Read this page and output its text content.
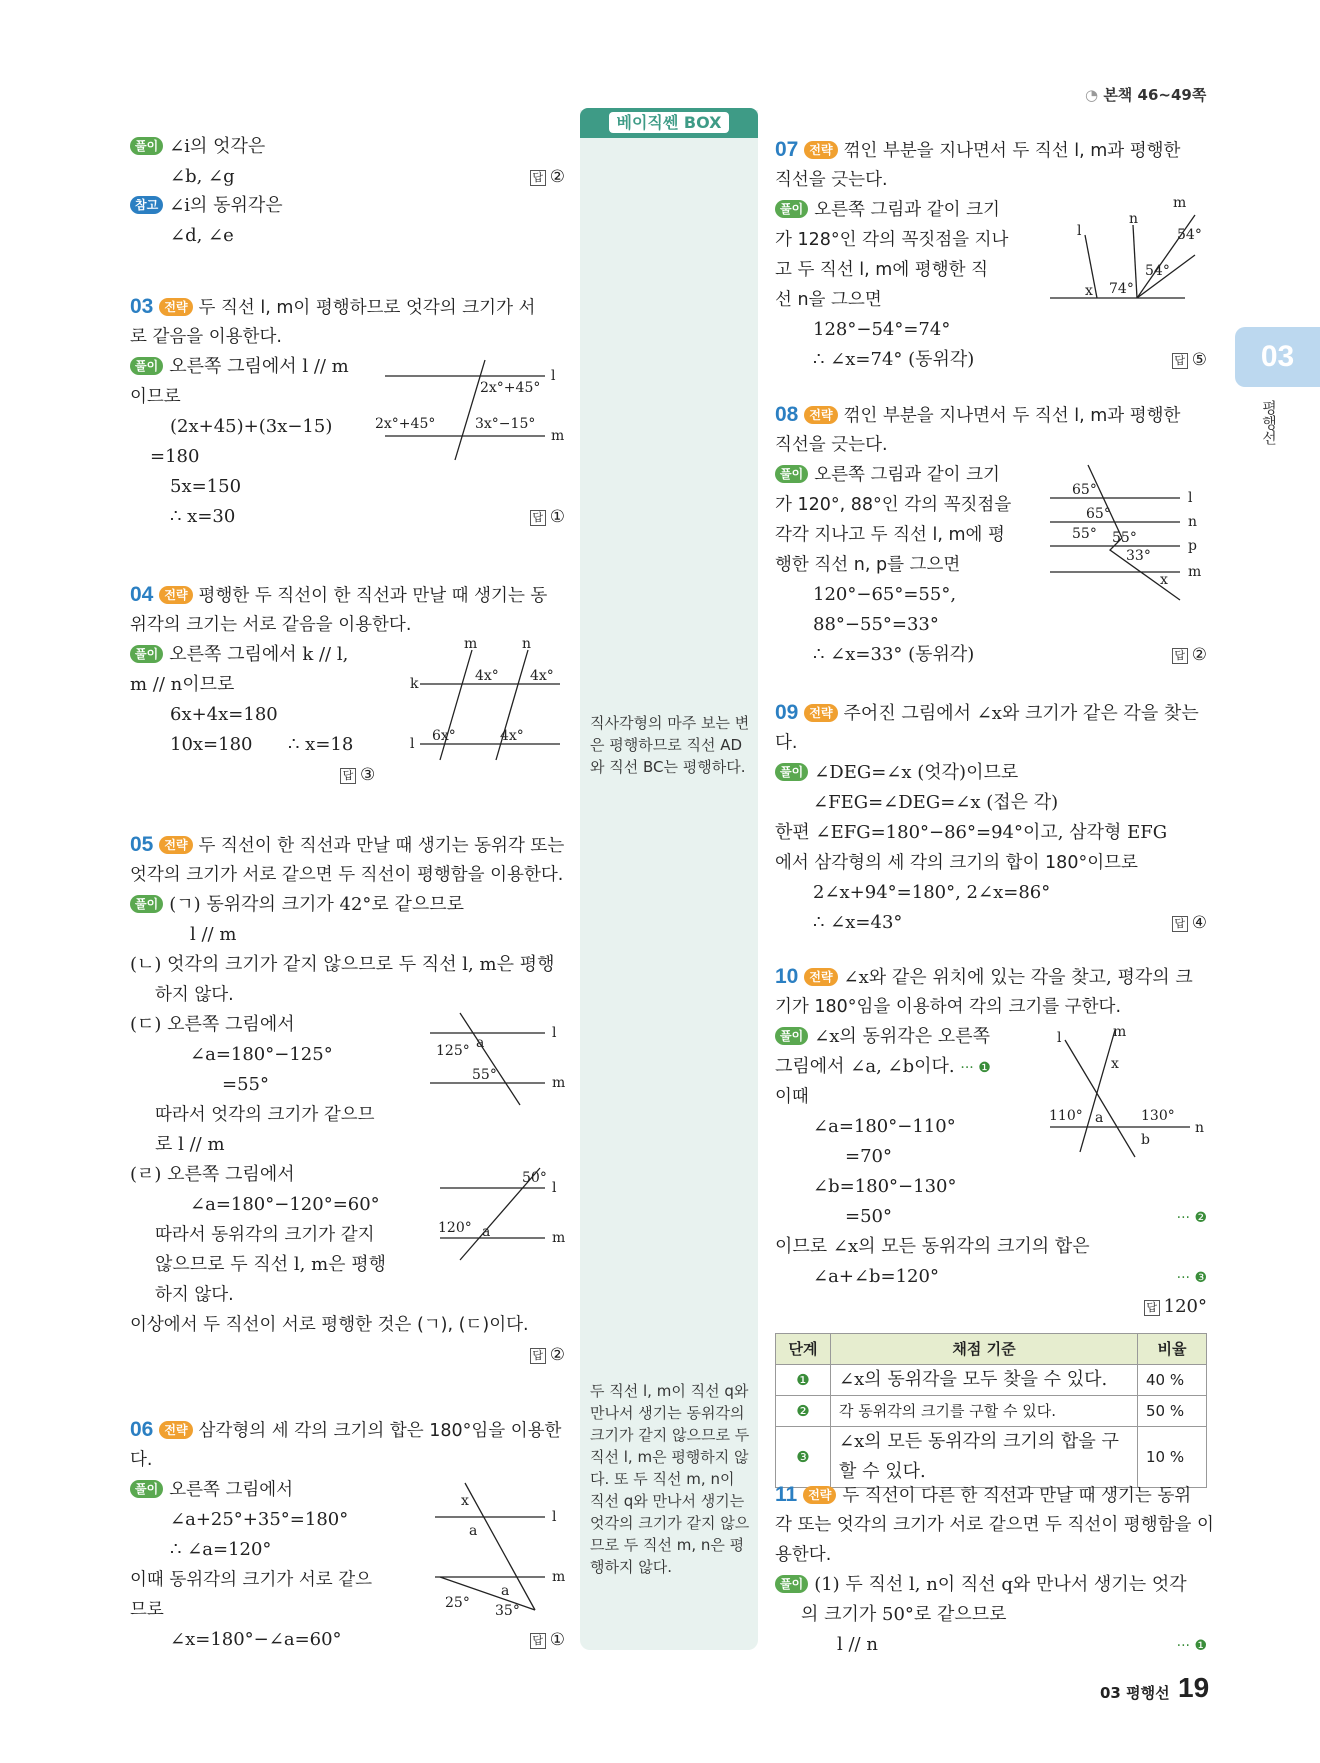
◔ 본책 46~49쪽
03
평행선
베이직쎈 BOX
직사각형의 마주 보는 변은 평행하므로 직선 AD와 직선 BC는 평행하다.
두 직선 l, m이 직선 q와 만나서 생기는 동위각의 크기가 같지 않으므로 두 직선 l, m은 평행하지 않다. 또 두 직선 m, n이 직선 q와 만나서 생기는 엇각의 크기가 같지 않으므로 두 직선 m, n은 평행하지 않다.
풀이 ∠i의 엇각은
∠b, ∠g	답 ②
참고 ∠i의 동위각은
∠d, ∠e
03 전략 두 직선 l, m이 평행하므로 엇각의 크기가 서
로 같음을 이용한다.
풀이 오른쪽 그림에서 l // m
이므로
(2x+45)+(3x−15)
=180
5x=150
∴ x=30	답 ①
l
m
2x°+45°
2x°+45°	3x°−15°
04 전략 평행한 두 직선이 한 직선과 만날 때 생기는 동
위각의 크기는 서로 같음을 이용한다.
풀이 오른쪽 그림에서 k // l,
m // n이므로
6x+4x=180
10x=180 ∴ x=18
답 ③
m	n
k
l
4x° 4x°
6x°	4x°
05 전략 두 직선이 한 직선과 만날 때 생기는 동위각 또는
엇각의 크기가 서로 같으면 두 직선이 평행함을 이용한다.
풀이 (ㄱ) 동위각의 크기가 42°로 같으므로
l // m
(ㄴ) 엇각의 크기가 같지 않으므로 두 직선 l, m은 평행
하지 않다.
(ㄷ) 오른쪽 그림에서
∠a=180°−125°
=55°
따라서 엇각의 크기가 같으므
로 l // m
(ㄹ) 오른쪽 그림에서
∠a=180°−120°=60°
따라서 동위각의 크기가 같지
않으므로 두 직선 l, m은 평행
하지 않다.
이상에서 두 직선이 서로 평행한 것은 (ㄱ), (ㄷ)이다.
답 ②
l
m
a
125°
55°
l
m
50°
120° a
06 전략 삼각형의 세 각의 크기의 합은 180°임을 이용한
다.
풀이 오른쪽 그림에서
∠a+25°+35°=180°
∴ ∠a=120°
이때 동위각의 크기가 서로 같으
므로
∠x=180°−∠a=60°	답 ①
l
m
x
a
a
25° 35°
07 전략 꺾인 부분을 지나면서 두 직선 l, m과 평행한
직선을 긋는다.
풀이 오른쪽 그림과 같이 크기
가 128°인 각의 꼭짓점을 지나
고 두 직선 l, m에 평행한 직
선 n을 그으면
128°−54°=74°
∴ ∠x=74° (동위각)	답 ⑤
l
n
m
54°
54°
74°
x
08 전략 꺾인 부분을 지나면서 두 직선 l, m과 평행한
직선을 긋는다.
풀이 오른쪽 그림과 같이 크기
가 120°, 88°인 각의 꼭짓점을
각각 지나고 두 직선 l, m에 평
행한 직선 n, p를 그으면
120°−65°=55°,
88°−55°=33°
∴ ∠x=33° (동위각)	답 ②
l
n
p
m
65°
65°
55° 55°
33°
x
09 전략 주어진 그림에서 ∠x와 크기가 같은 각을 찾는
다.
풀이 ∠DEG=∠x (엇각)이므로
∠FEG=∠DEG=∠x (접은 각)
한편 ∠EFG=180°−86°=94°이고, 삼각형 EFG
에서 삼각형의 세 각의 크기의 합이 180°이므로
2∠x+94°=180°, 2∠x=86°
∴ ∠x=43°	답 ④
10 전략 ∠x와 같은 위치에 있는 각을 찾고, 평각의 크
기가 180°임을 이용하여 각의 크기를 구한다.
풀이 ∠x의 동위각은 오른쪽
그림에서 ∠a, ∠b이다. ··· ❶
이때
∠a=180°−110°
=70°
∠b=180°−130°
=50°	··· ❷
이므로 ∠x의 모든 동위각의 크기의 합은
∠a+∠b=120°	··· ❸
답 120°
l	m
x
110° a	130°
b
n
단계	채점 기준	비율
❶	∠x의 동위각을 모두 찾을 수 있다.	40 %
❷	각 동위각의 크기를 구할 수 있다.	50 %
❸	∠x의 모든 동위각의 크기의 합을 구할 수 있다.	10 %
11 전략 두 직선이 다른 한 직선과 만날 때 생기는 동위
각 또는 엇각의 크기가 서로 같으면 두 직선이 평행함을 이
용한다.
풀이 (1) 두 직선 l, n이 직선 q와 만나서 생기는 엇각
의 크기가 50°로 같으므로
l // n	··· ❶
03 평행선 19
